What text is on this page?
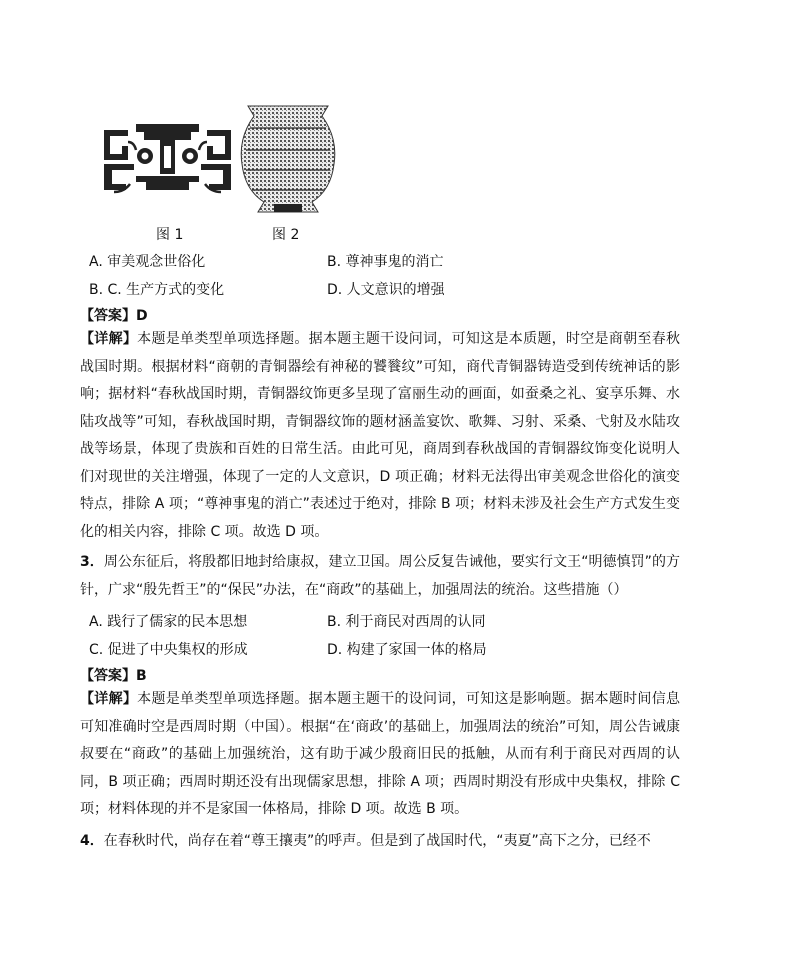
图 1	图 2
A. 审美观念世俗化	B. 尊神事鬼的消亡
B. C. 生产方式的变化	D. 人文意识的增强
【答案】D

【详解】本题是单类型单项选择题。据本题主题干设问词，可知这是本质题，时空是商朝至春秋战国时期。根据材料“商朝的青铜器绘有神秘的饕餮纹”可知，商代青铜器铸造受到传统神话的影响；据材料“春秋战国时期，青铜器纹饰更多呈现了富丽生动的画面，如蚕桑之礼、宴享乐舞、水陆攻战等”可知，春秋战国时期，青铜器纹饰的题材涵盖宴饮、歌舞、习射、采桑、弋射及水陆攻战等场景，体现了贵族和百姓的日常生活。由此可见，商周到春秋战国的青铜器纹饰变化说明人们对现世的关注增强，体现了一定的人文意识，D 项正确；材料无法得出审美观念世俗化的演变特点，排除 A 项；“尊神事鬼的消亡”表述过于绝对，排除 B 项；材料未涉及社会生产方式发生变化的相关内容，排除 C 项。故选 D 项。

3．周公东征后，将殷都旧地封给康叔，建立卫国。周公反复告诫他，要实行文王“明德慎罚”的方针，广求“殷先哲王”的“保民”办法，在“商政”的基础上，加强周法的统治。这些措施（）

A. 践行了儒家的民本思想	B. 利于商民对西周的认同
C. 促进了中央集权的形成	D. 构建了家国一体的格局
【答案】B

【详解】本题是单类型单项选择题。据本题主题干的设问词，可知这是影响题。据本题时间信息可知准确时空是西周时期（中国）。根据“在‘商政’的基础上，加强周法的统治”可知，周公告诫康叔要在“商政”的基础上加强统治，这有助于减少殷商旧民的抵触，从而有利于商民对西周的认同，B 项正确；西周时期还没有出现儒家思想，排除 A 项；西周时期没有形成中央集权，排除 C 项；材料体现的并不是家国一体格局，排除 D 项。故选 B 项。

4．在春秋时代，尚存在着“尊王攘夷”的呼声。但是到了战国时代，“夷夏”高下之分，已经不
